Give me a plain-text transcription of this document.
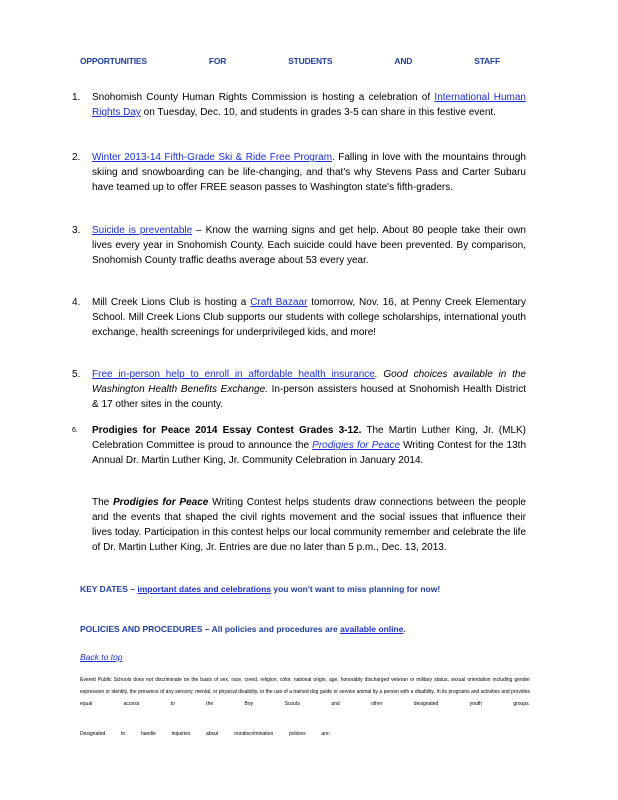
OPPORTUNITIES	FOR	STUDENTS	AND	STAFF
1.	Snohomish County Human Rights Commission is hosting a celebration of International Human Rights Day on Tuesday, Dec. 10, and students in grades 3-5 can share in this festive event.
2.	Winter 2013-14 Fifth-Grade Ski & Ride Free Program. Falling in love with the mountains through skiing and snowboarding can be life-changing, and that's why Stevens Pass and Carter Subaru have teamed up to offer FREE season passes to Washington state's fifth-graders.
3.	Suicide is preventable – Know the warning signs and get help. About 80 people take their own lives every year in Snohomish County. Each suicide could have been prevented. By comparison, Snohomish County traffic deaths average about 53 every year.
4.	Mill Creek Lions Club is hosting a Craft Bazaar tomorrow, Nov. 16, at Penny Creek Elementary School. Mill Creek Lions Club supports our students with college scholarships, international youth exchange, health screenings for underprivileged kids, and more!
5.	Free in-person help to enroll in affordable health insurance. Good choices available in the Washington Health Benefits Exchange. In-person assisters housed at Snohomish Health District & 17 other sites in the county.
6.	Prodigies for Peace 2014 Essay Contest Grades 3-12. The Martin Luther King, Jr. (MLK) Celebration Committee is proud to announce the Prodigies for Peace Writing Contest for the 13th Annual Dr. Martin Luther King, Jr. Community Celebration in January 2014.
The Prodigies for Peace Writing Contest helps students draw connections between the people and the events that shaped the civil rights movement and the social issues that influence their lives today. Participation in this contest helps our local community remember and celebrate the life of Dr. Martin Luther King, Jr. Entries are due no later than 5 p.m., Dec. 13, 2013.
KEY DATES – important dates and celebrations you won't want to miss planning for now!
POLICIES AND PROCEDURES – All policies and procedures are available online.
Back to top
Everett Public Schools does not discriminate on the basis of sex, race, creed, religion, color, national origin, age, honorably discharged veteran or military status, sexual orientation including gender expression or identity, the presence of any sensory, mental, or physical disability, or the use of a trained dog guide or service animal by a person with a disability. In its programs and activities and provides equal access to the Boy Scouts and other designated youth groups.
Designated to handle inquiries about nondiscrimination policies are:
